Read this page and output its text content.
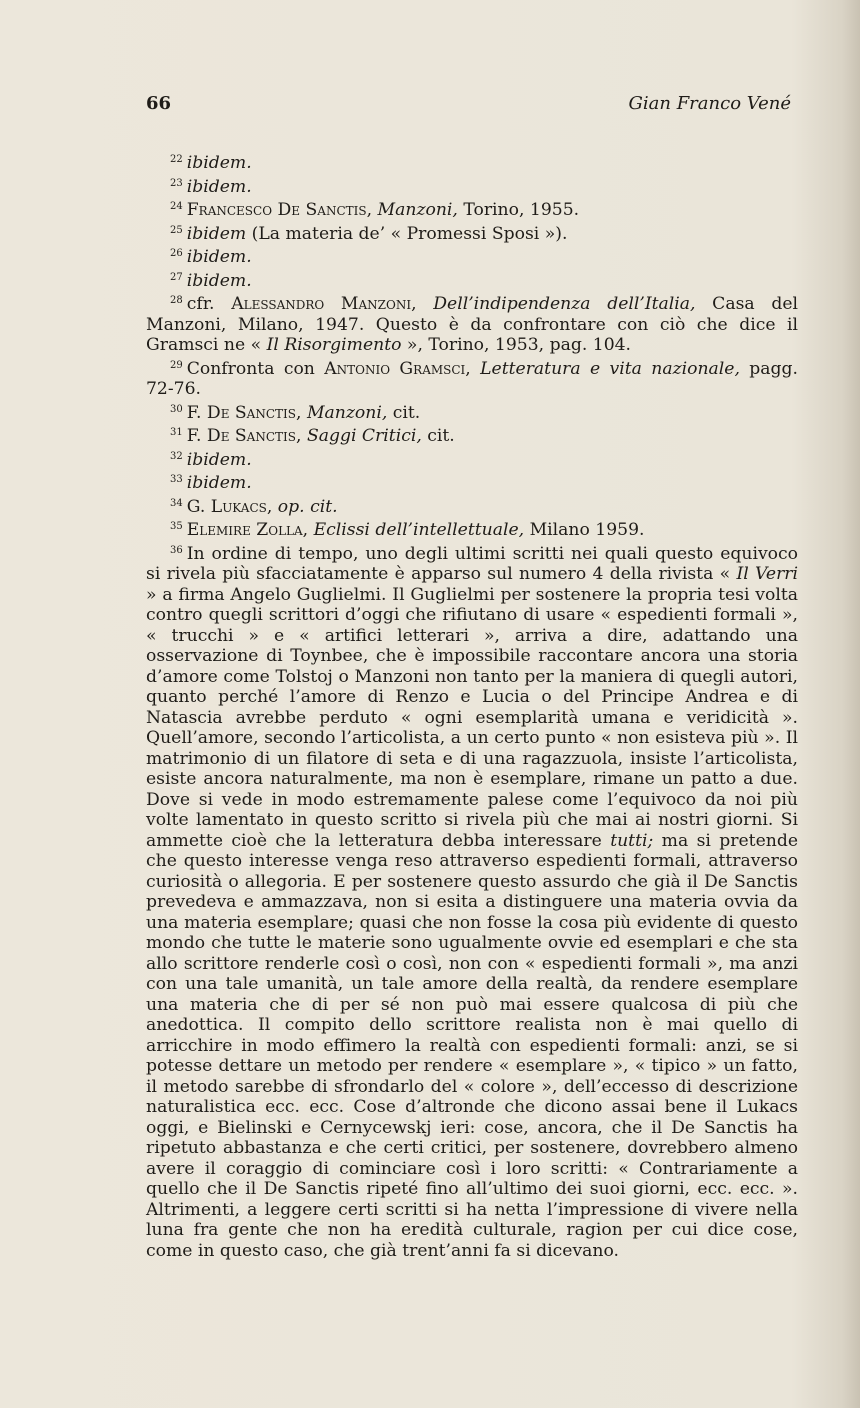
66	Gian Franco Vené

$^{22}$ ibidem.

$^{23}$ ibidem.

$^{24}$ Francesco De Sanctis, Manzoni, Torino, 1955.

$^{25}$ ibidem (La materia de’ « Promessi Sposi »).

$^{26}$ ibidem.

$^{27}$ ibidem.

$^{28}$ cfr. Alessandro Manzoni, Dell’indipendenza dell’Italia, Casa del Manzoni, Milano, 1947. Questo è da confrontare con ciò che dice il Gramsci ne « Il Risorgimento », Torino, 1953, pag. 104.

$^{29}$ Confronta con Antonio Gramsci, Letteratura e vita nazionale, pagg. 72-76.

$^{30}$ F. De Sanctis, Manzoni, cit.

$^{31}$ F. De Sanctis, Saggi Critici, cit.

$^{32}$ ibidem.

$^{33}$ ibidem.

$^{34}$ G. Lukacs, op. cit.

$^{35}$ Elemire Zolla, Eclissi dell’intellettuale, Milano 1959.

$^{36}$ In ordine di tempo, uno degli ultimi scritti nei quali questo equivoco si rivela più sfacciatamente è apparso sul numero 4 della rivista « Il Verri » a firma Angelo Guglielmi. Il Guglielmi per sostenere la propria tesi volta contro quegli scrittori d’oggi che rifiutano di usare « espedienti formali », « trucchi » e « artifici letterari », arriva a dire, adattando una osservazione di Toynbee, che è impossibile raccontare ancora una storia d’amore come Tolstoj o Manzoni non tanto per la maniera di quegli autori, quanto perché l’amore di Renzo e Lucia o del Principe Andrea e di Natascia avrebbe perduto « ogni esemplarità umana e veridicità ». Quell’amore, secondo l’articolista, a un certo punto « non esisteva più ». Il matrimonio di un filatore di seta e di una ragazzuola, insiste l’articolista, esiste ancora naturalmente, ma non è esemplare, rimane un patto a due. Dove si vede in modo estremamente palese come l’equivoco da noi più volte lamentato in questo scritto si rivela più che mai ai nostri giorni. Si ammette cioè che la letteratura debba interessare tutti; ma si pretende che questo interesse venga reso attraverso espedienti formali, attraverso curiosità o allegoria. E per sostenere questo assurdo che già il De Sanctis prevedeva e ammazzava, non si esita a distinguere una materia ovvia da una materia esemplare; quasi che non fosse la cosa più evidente di questo mondo che tutte le materie sono ugualmente ovvie ed esemplari e che sta allo scrittore renderle così o così, non con « espedienti formali », ma anzi con una tale umanità, un tale amore della realtà, da rendere esemplare una materia che di per sé non può mai essere qualcosa di più che anedottica. Il compito dello scrittore realista non è mai quello di arricchire in modo effimero la realtà con espedienti formali: anzi, se si potesse dettare un metodo per rendere « esemplare », « tipico » un fatto, il metodo sarebbe di sfrondarlo del « colore », dell’eccesso di descrizione naturalistica ecc. ecc. Cose d’altronde che dicono assai bene il Lukacs oggi, e Bielinski e Cernycewskj ieri: cose, ancora, che il De Sanctis ha ripetuto abbastanza e che certi critici, per sostenere, dovrebbero almeno avere il coraggio di cominciare così i loro scritti: « Contrariamente a quello che il De Sanctis ripeté fino all’ultimo dei suoi giorni, ecc. ecc. ». Altrimenti, a leggere certi scritti si ha netta l’impressione di vivere nella luna fra gente che non ha eredità culturale, ragion per cui dice cose, come in questo caso, che già trent’anni fa si dicevano.
